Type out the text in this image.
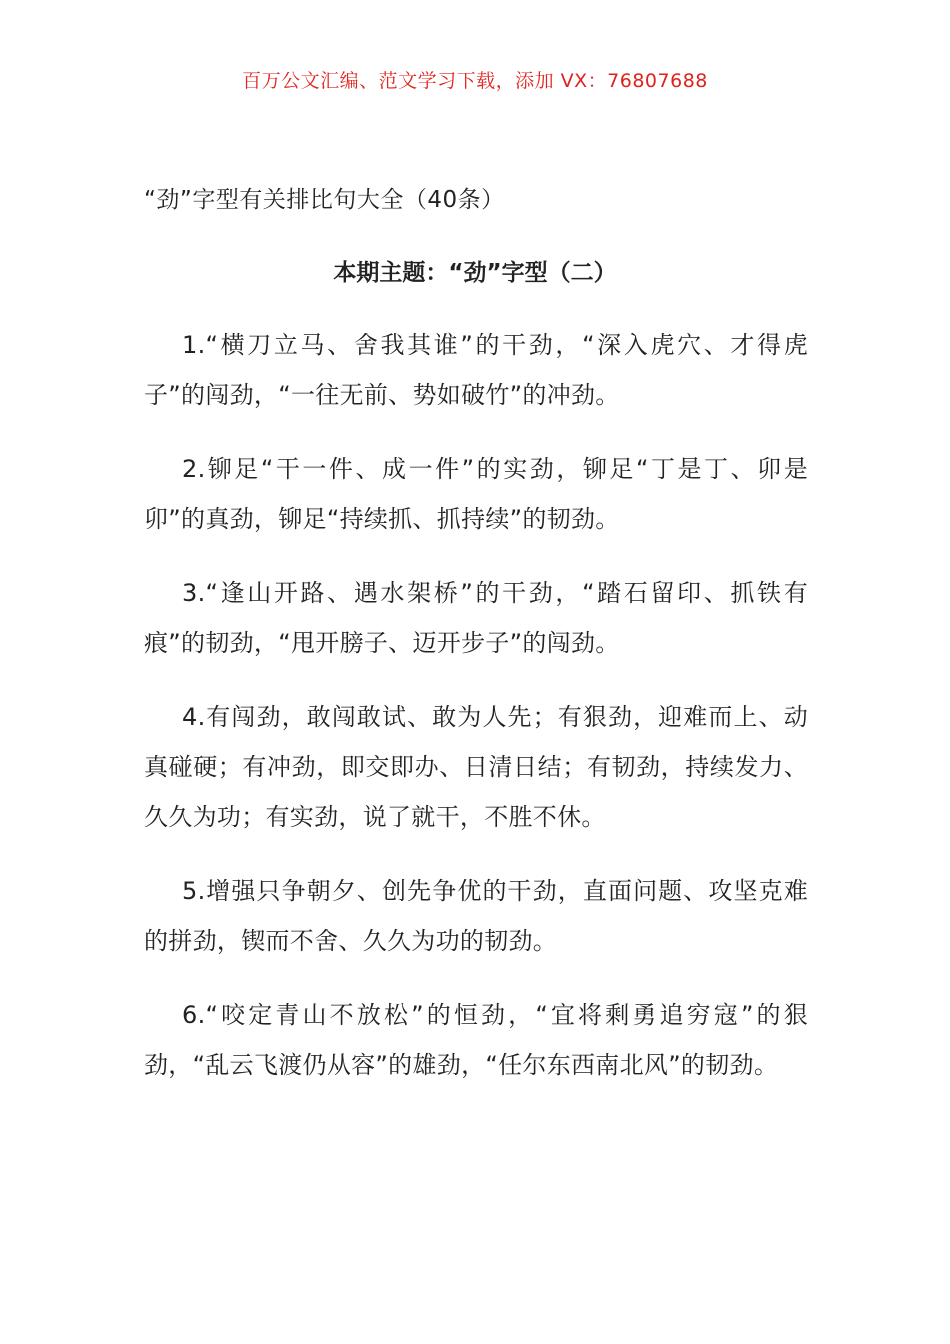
百万公文汇编、范文学习下载，添加 VX：76807688
“劲”字型有关排比句大全（40条）
本期主题：“劲”字型（二）

1.“横刀立马、舍我其谁”的干劲，“深入虎穴、才得虎子”的闯劲，“一往无前、势如破竹”的冲劲。

2.铆足“干一件、成一件”的实劲，铆足“丁是丁、卯是卯”的真劲，铆足“持续抓、抓持续”的韧劲。

3.“逢山开路、遇水架桥”的干劲，“踏石留印、抓铁有痕”的韧劲，“甩开膀子、迈开步子”的闯劲。

4.有闯劲，敢闯敢试、敢为人先；有狠劲，迎难而上、动真碰硬；有冲劲，即交即办、日清日结；有韧劲，持续发力、久久为功；有实劲，说了就干，不胜不休。

5.增强只争朝夕、创先争优的干劲，直面问题、攻坚克难的拼劲，锲而不舍、久久为功的韧劲。

6.“咬定青山不放松”的恒劲，“宜将剩勇追穷寇”的狠劲，“乱云飞渡仍从容”的雄劲，“任尔东西南北风”的韧劲。
